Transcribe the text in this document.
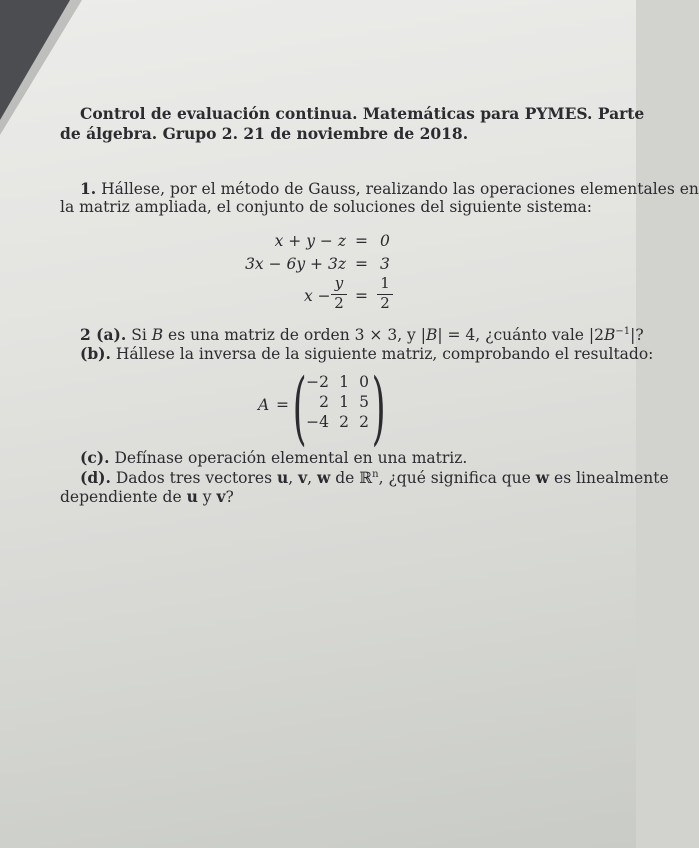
Control de evaluación continua. Matemáticas para PYMES. Parte
de álgebra. Grupo 2. 21 de noviembre de 2018.
1. Hállese, por el método de Gauss, realizando las operaciones elementales en
la matriz ampliada, el conjunto de soluciones del siguiente sistema:
x + y − z = 0
3x − 6y + 3z = 3
x −
y
2 =
1
2
2 (a). Si B es una matriz de orden 3 × 3, y |B| = 4, ¿cuánto vale $|2B^{-1}|$?
(b). Hállese la inversa de la siguiente matriz, comprobando el resultado:
A = ( )
−2 1 0
2 1 5
−4 2 2
(c). Defínase operación elemental en una matriz.
(d). Dados tres vectores u, v, w de ℝ$^n$, ¿qué significa que w es linealmente
dependiente de u y v?
